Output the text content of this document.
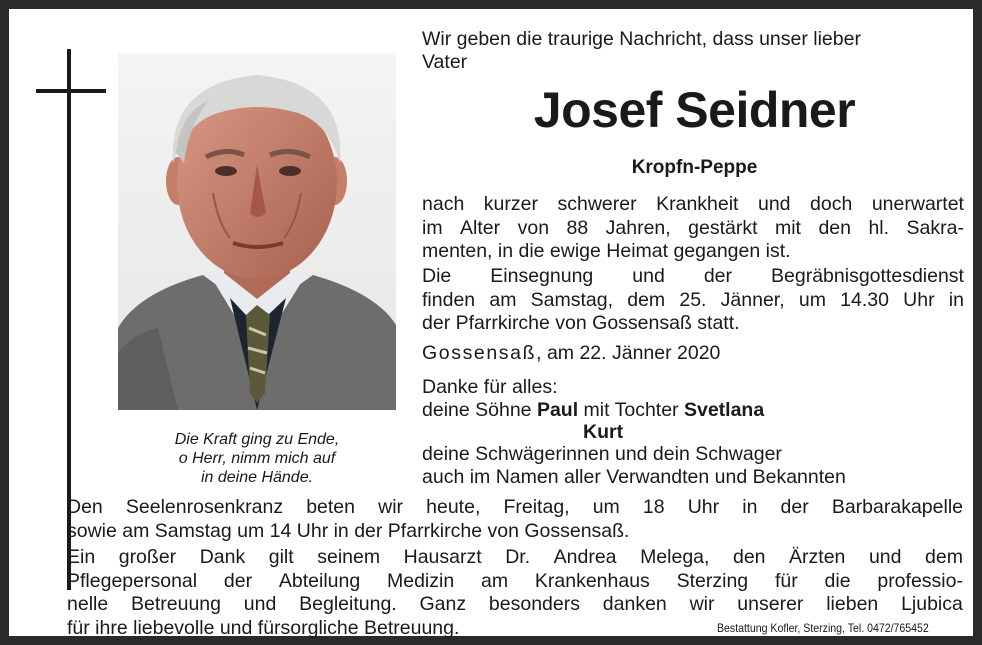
Die Kraft ging zu Ende,
o Herr, nimm mich auf
in deine Hände.
Wir geben die traurige Nachricht, dass unser lieber
Vater
Josef Seidner
Kropfn-Peppe
nach kurzer schwerer Krankheit und doch unerwartet
im Alter von 88 Jahren, gestärkt mit den hl. Sakra-
menten, in die ewige Heimat gegangen ist.
Die Einsegnung und der Begräbnisgottesdienst
finden am Samstag, dem 25. Jänner, um 14.30 Uhr in
der Pfarrkirche von Gossensaß statt.
Gossensaß, am 22. Jänner 2020
Danke für alles:
deine Söhne Paul mit Tochter Svetlana
Kurt
deine Schwägerinnen und dein Schwager
auch im Namen aller Verwandten und Bekannten
Den Seelenrosenkranz beten wir heute, Freitag, um 18 Uhr in der Barbarakapelle
sowie am Samstag um 14 Uhr in der Pfarrkirche von Gossensaß.
Ein großer Dank gilt seinem Hausarzt Dr. Andrea Melega, den Ärzten und dem
Pflegepersonal der Abteilung Medizin am Krankenhaus Sterzing für die professio-
nelle Betreuung und Begleitung. Ganz besonders danken wir unserer lieben Ljubica
für ihre liebevolle und fürsorgliche Betreuung.	Bestattung Kofler, Sterzing, Tel. 0472/765452
